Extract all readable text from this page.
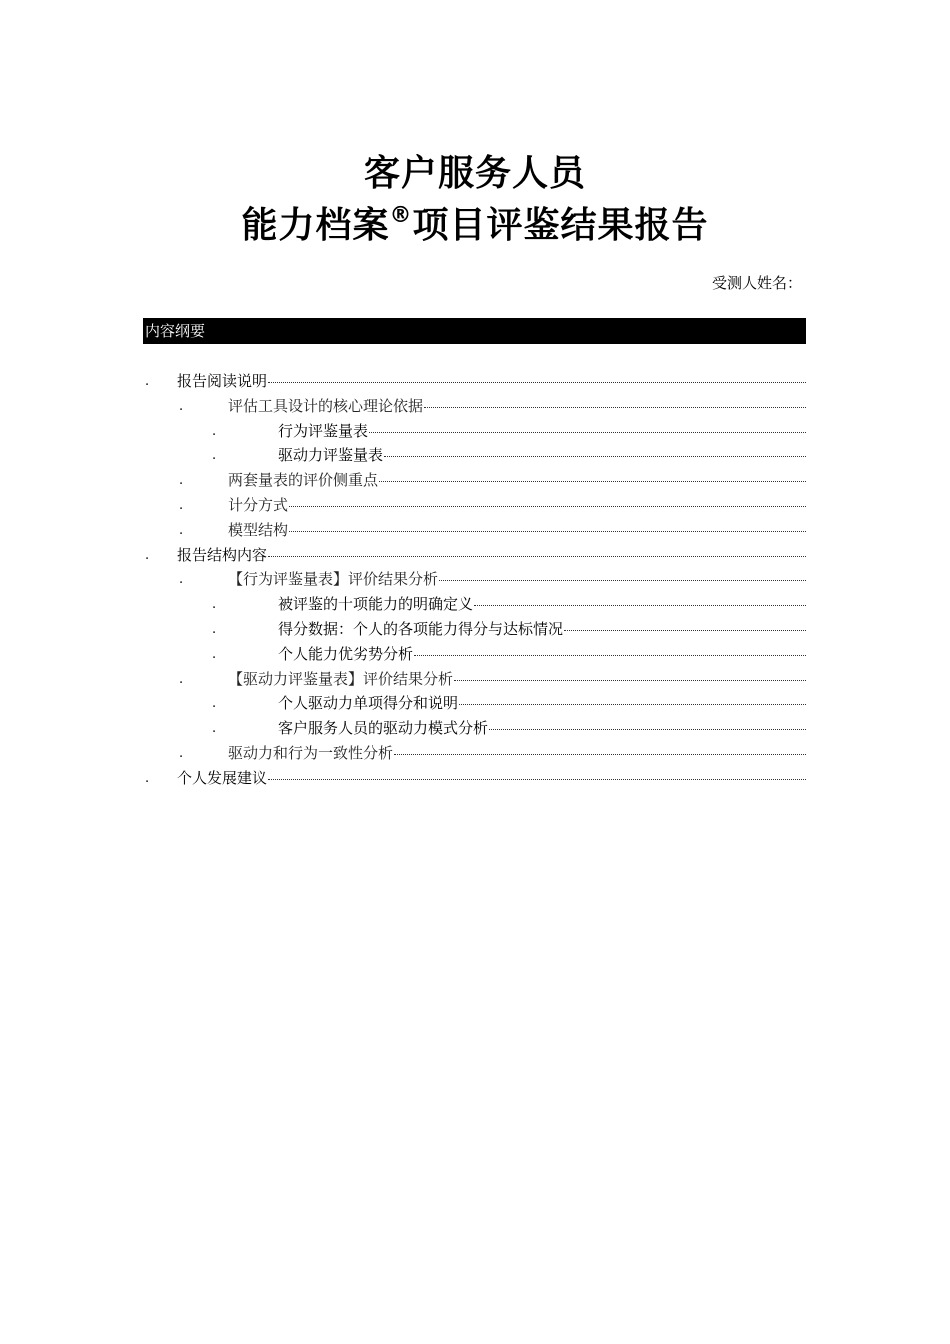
客户服务人员
能力档案®项目评鉴结果报告
受测人姓名：
内容纲要
. 报告阅读说明
.	评估工具设计的核心理论依据
.	行为评鉴量表
.	驱动力评鉴量表
.	两套量表的评价侧重点
.	计分方式
.	模型结构
. 报告结构内容
.	【行为评鉴量表】评价结果分析
.	被评鉴的十项能力的明确定义
.	得分数据：个人的各项能力得分与达标情况
.	个人能力优劣势分析
.	【驱动力评鉴量表】评价结果分析
.	个人驱动力单项得分和说明
.	客户服务人员的驱动力模式分析
.	驱动力和行为一致性分析
. 个人发展建议
